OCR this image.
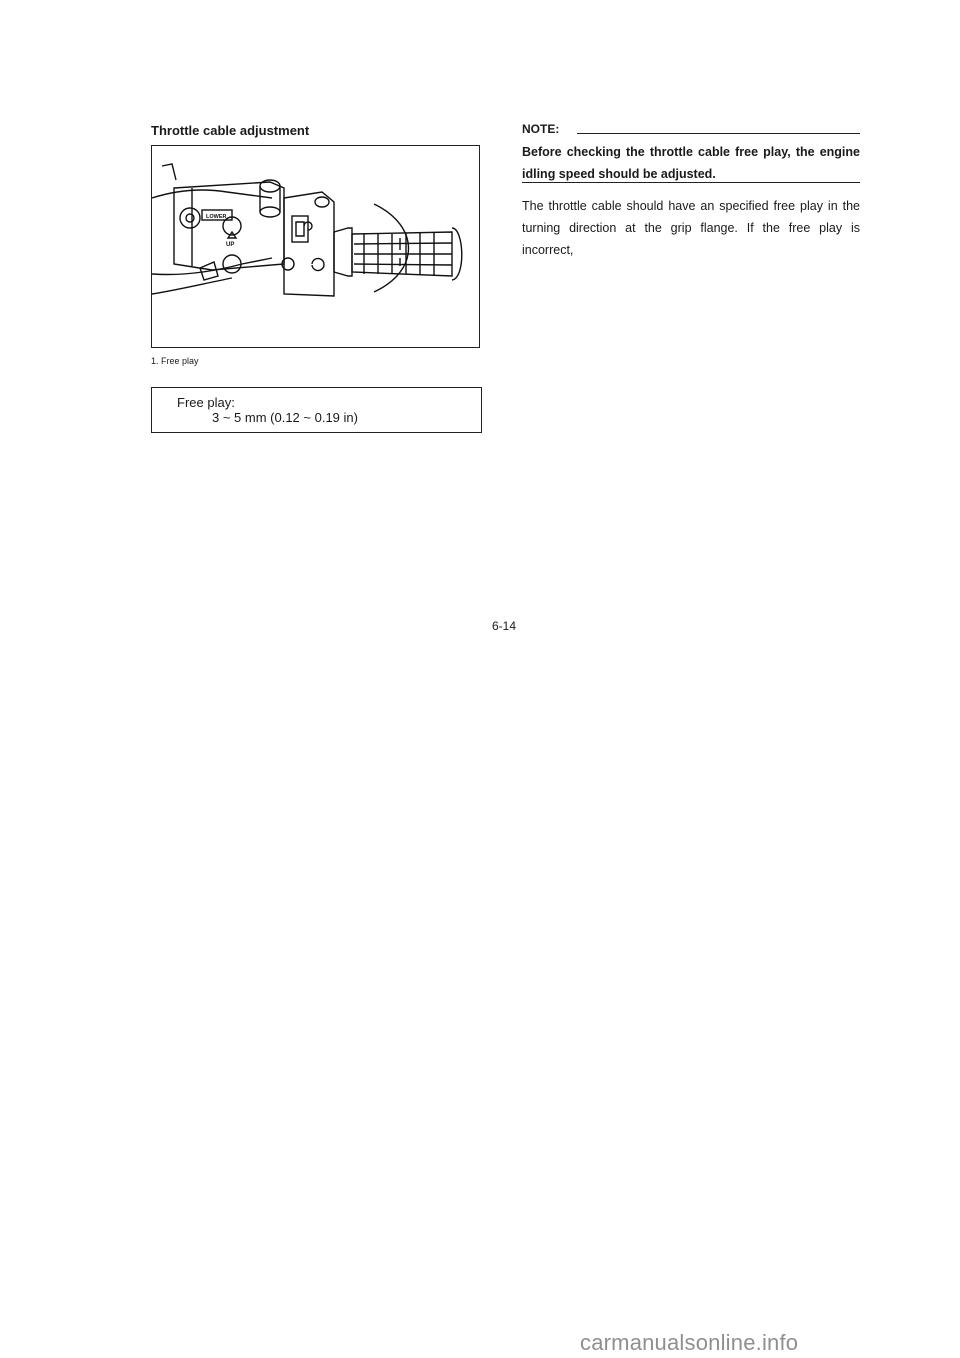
Throttle cable adjustment
LOWER
UP
1. Free play
Free play:
3 ~ 5 mm (0.12 ~ 0.19 in)
NOTE:

Before checking the throttle cable free play, the engine idling speed should be adjusted.

The throttle cable should have an specified free play in the turning direction at the grip flange. If the free play is incorrect,

6-14
carmanualsonline.info
